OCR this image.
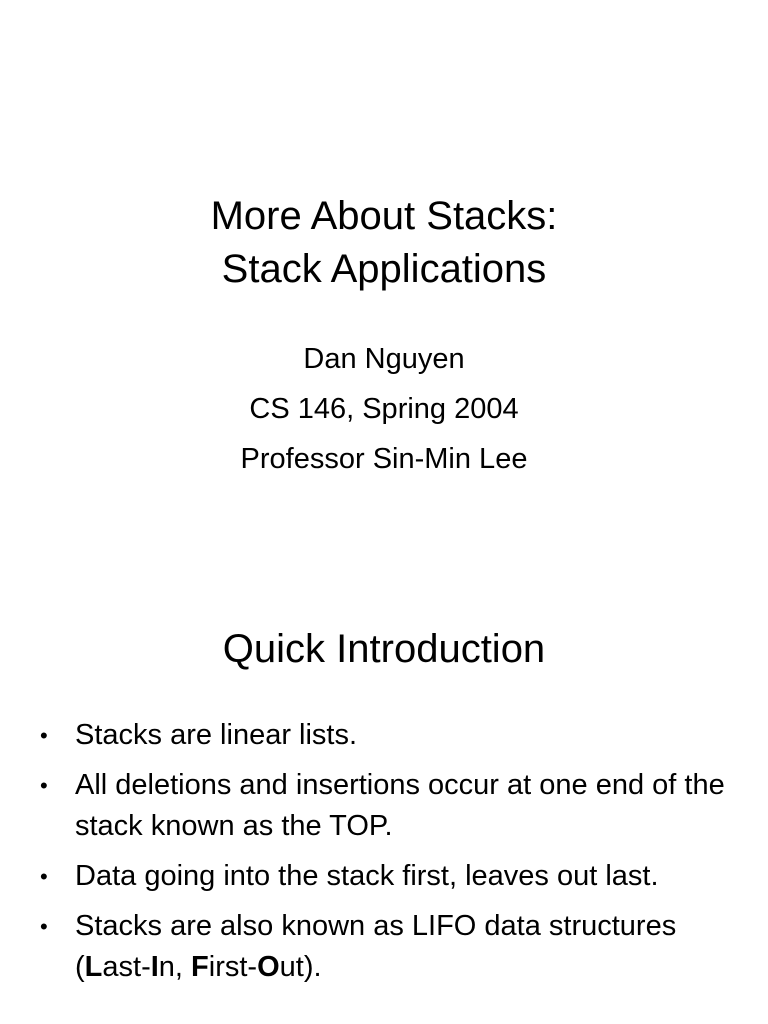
More About Stacks:
Stack Applications
Dan Nguyen
CS 146, Spring 2004
Professor Sin-Min Lee
Quick Introduction
• Stacks are linear lists.
• All deletions and insertions occur at one end of the stack known as the TOP.
• Data going into the stack first, leaves out last.
• Stacks are also known as LIFO data structures (Last-In, First-Out).
